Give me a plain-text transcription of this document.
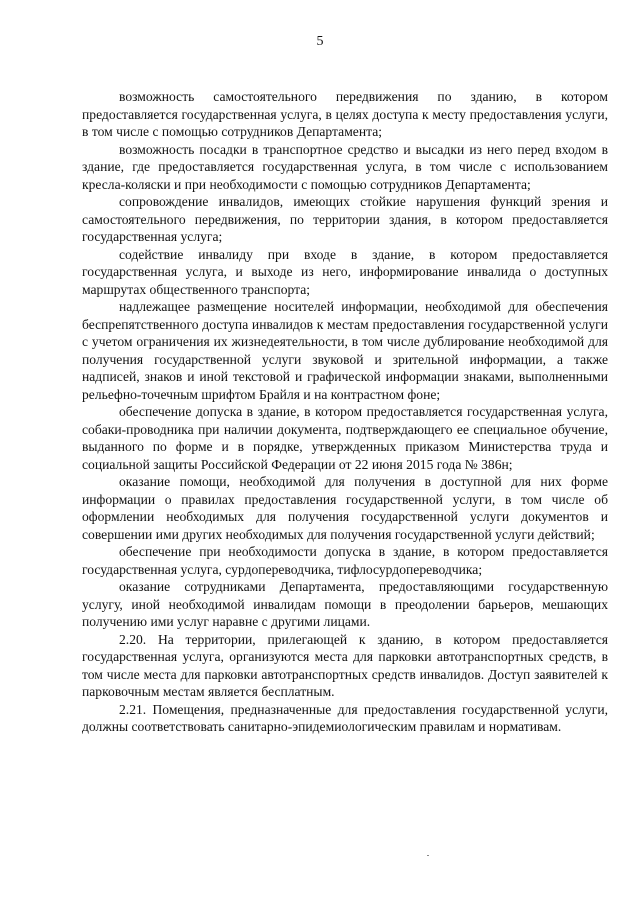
5

возможность самостоятельного передвижения по зданию, в котором предоставляется государственная услуга, в целях доступа к месту предоставления услуги, в том числе с помощью сотрудников Департамента;

возможность посадки в транспортное средство и высадки из него перед входом в здание, где предоставляется государственная услуга, в том числе с использованием кресла-коляски и при необходимости с помощью сотрудников Департамента;

сопровождение инвалидов, имеющих стойкие нарушения функций зрения и самостоятельного передвижения, по территории здания, в котором предоставляется государственная услуга;

содействие инвалиду при входе в здание, в котором предоставляется государственная услуга, и выходе из него, информирование инвалида о доступных маршрутах общественного транспорта;

надлежащее размещение носителей информации, необходимой для обеспечения беспрепятственного доступа инвалидов к местам предоставления государственной услуги с учетом ограничения их жизнедеятельности, в том числе дублирование необходимой для получения государственной услуги звуковой и зрительной информации, а также надписей, знаков и иной текстовой и графической информации знаками, выполненными рельефно-точечным шрифтом Брайля и на контрастном фоне;

обеспечение допуска в здание, в котором предоставляется государственная услуга, собаки-проводника при наличии документа, подтверждающего ее специальное обучение, выданного по форме и в порядке, утвержденных приказом Министерства труда и социальной защиты Российской Федерации от 22 июня 2015 года № 386н;

оказание помощи, необходимой для получения в доступной для них форме информации о правилах предоставления государственной услуги, в том числе об оформлении необходимых для получения государственной услуги документов и совершении ими других необходимых для получения государственной услуги действий;

обеспечение при необходимости допуска в здание, в котором предоставляется государственная услуга, сурдопереводчика, тифлосурдопереводчика;

оказание сотрудниками Департамента, предоставляющими государственную услугу, иной необходимой инвалидам помощи в преодолении барьеров, мешающих получению ими услуг наравне с другими лицами.

2.20. На территории, прилегающей к зданию, в котором предоставляется государственная услуга, организуются места для парковки автотранспортных средств, в том числе места для парковки автотранспортных средств инвалидов. Доступ заявителей к парковочным местам является бесплатным.

2.21. Помещения, предназначенные для предоставления государственной услуги, должны соответствовать санитарно-эпидемиологическим правилам и нормативам.
